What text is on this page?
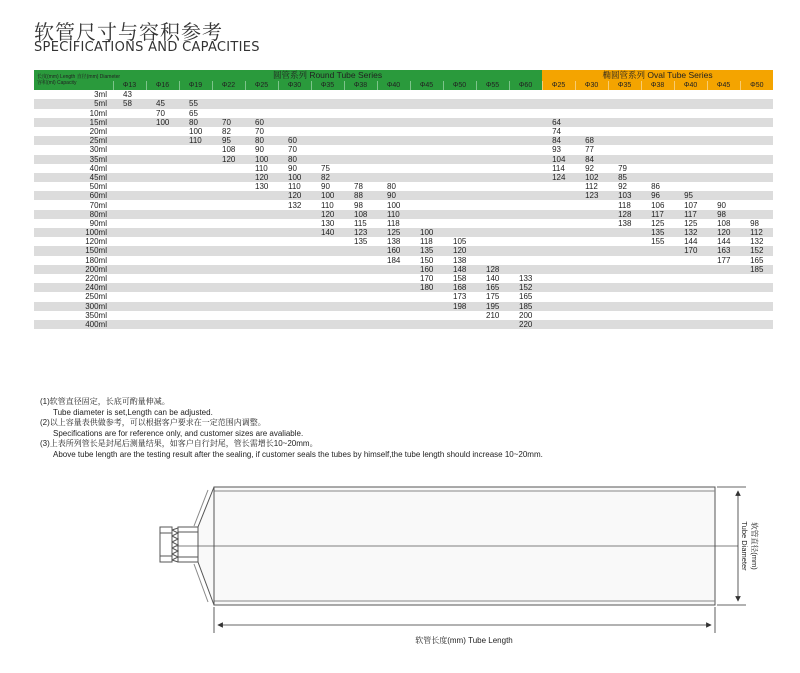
软管尺寸与容积参考
SPECIFICATIONS AND CAPACITIES
长度(mm) Length 直径(mm) Diameter
容积(ml) Capacity	圆管系列 Round Tube Series													椭圆管系列 Oval Tube Series						
	Φ13	Φ16	Φ19	Φ22	Φ25	Φ30	Φ35	Φ38	Φ40	Φ45	Φ50	Φ55	Φ60	Φ25	Φ30	Φ35	Φ38	Φ40	Φ45	Φ50
3ml	43																			
5ml	58	45	55																	
10ml		70	65																	
15ml		100	80	70	60									64						
20ml			100	82	70									74						
25ml			110	95	80	60								84	68					
30ml				108	90	70								93	77					
35ml				120	100	80								104	84					
40ml					110	90	75							114	92	79				
45ml					120	100	82							124	102	85				
50ml					130	110	90	78	80						112	92	86			
60ml						120	100	88	90						123	103	96	95		
70ml						132	110	98	100							118	106	107	90	
80ml							120	108	110							128	117	117	98	
90ml							130	115	118							138	125	125	108	98
100ml							140	123	125	100							135	132	120	112
120ml								135	138	118	105						155	144	144	132
150ml									160	135	120							170	163	152
180ml									184	150	138								177	165
200ml										160	148	128								185
220ml										170	158	140	133							
240ml										180	168	165	152							
250ml											173	175	165							
300ml											198	195	185							
350ml												210	200							
400ml													220							
(1)软管直径固定，长底可酌量伸减。
Tube diameter is set,Length can be adjusted.
(2)以上容量表供做参考，可以根据客户要求在一定范围内调整。
Specifications are for reference only, and customer sizes are avaliable.
(3)上表所列管长是封尾后测量结果，如客户自行封尾，管长需增长10~20mm。
Above tube length are the testing result after the sealing, if customer seals the tubes by himself,the tube length should increase 10~20mm.
软管长度(mm) Tube Length
软管直径(mm)
Tube Diameter
